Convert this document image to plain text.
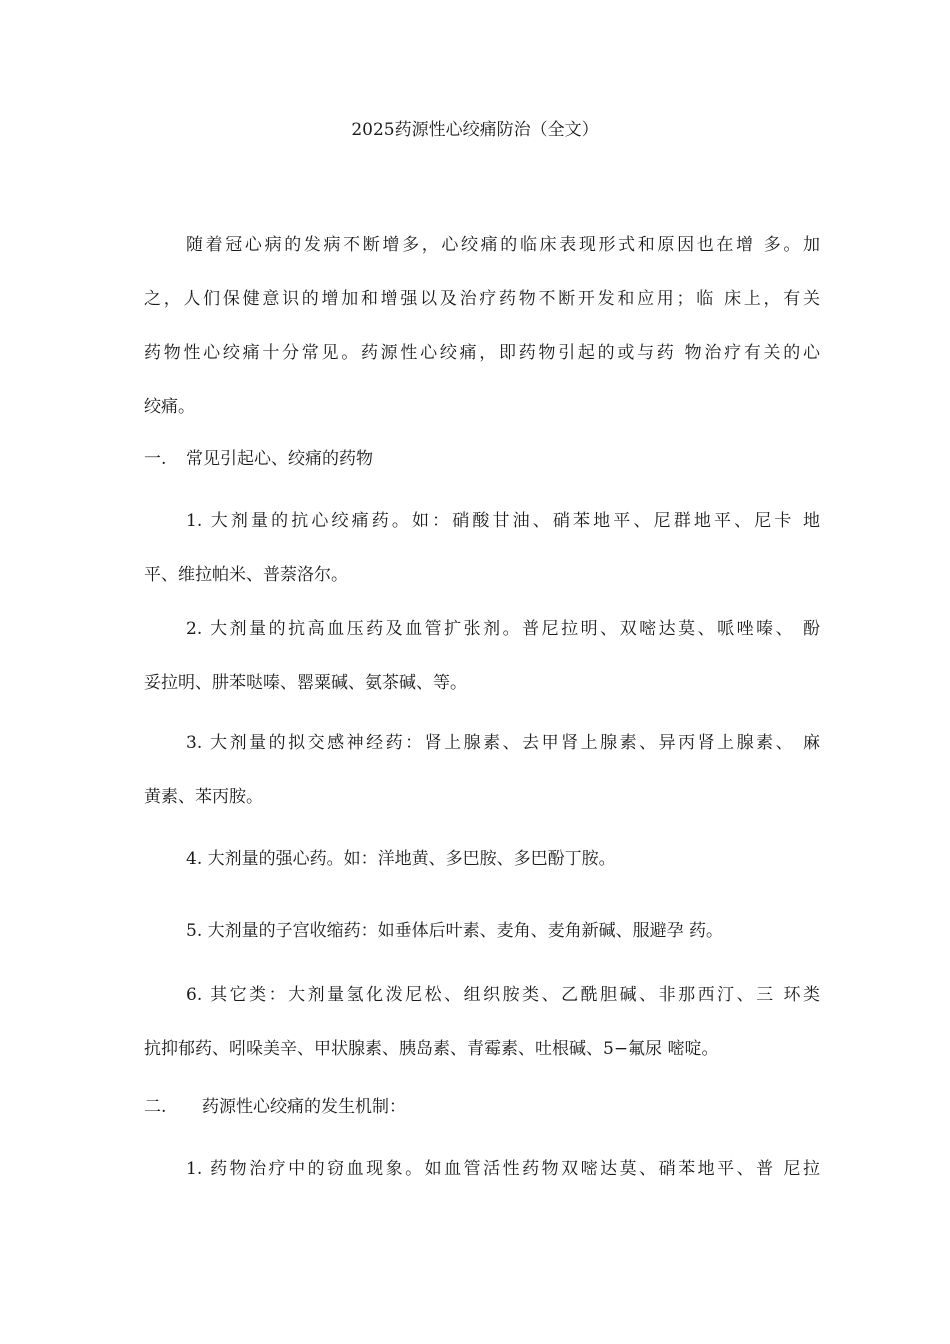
2025药源性心绞痛防治（全文）
随着冠心病的发病不断增多，心绞痛的临床表现形式和原因也在增 多。加
之，人们保健意识的增加和增强以及治疗药物不断开发和应用；临 床上，有关
药物性心绞痛十分常见。药源性心绞痛，即药物引起的或与药 物治疗有关的心
绞痛。
一. 常见引起心、绞痛的药物
1. 大剂量的抗心绞痛药。如：硝酸甘油、硝苯地平、尼群地平、尼卡 地
平、维拉帕米、普萘洛尔。
2. 大剂量的抗高血压药及血管扩张剂。普尼拉明、双嘧达莫、哌唑嗪、 酚
妥拉明、肼苯哒嗪、罂粟碱、氨茶碱、等。
3. 大剂量的拟交感神经药：肾上腺素、去甲肾上腺素、异丙肾上腺素、 麻
黄素、苯丙胺。
4. 大剂量的强心药。如：洋地黄、多巴胺、多巴酚丁胺。
5. 大剂量的子宫收缩药：如垂体后叶素、麦角、麦角新碱、服避孕 药。
6. 其它类：大剂量氢化泼尼松、组织胺类、乙酰胆碱、非那西汀、三 环类
抗抑郁药、吲哚美辛、甲状腺素、胰岛素、青霉素、吐根碱、5−氟尿 嘧啶。
二. 药源性心绞痛的发生机制：
1. 药物治疗中的窃血现象。如血管活性药物双嘧达莫、硝苯地平、普 尼拉
